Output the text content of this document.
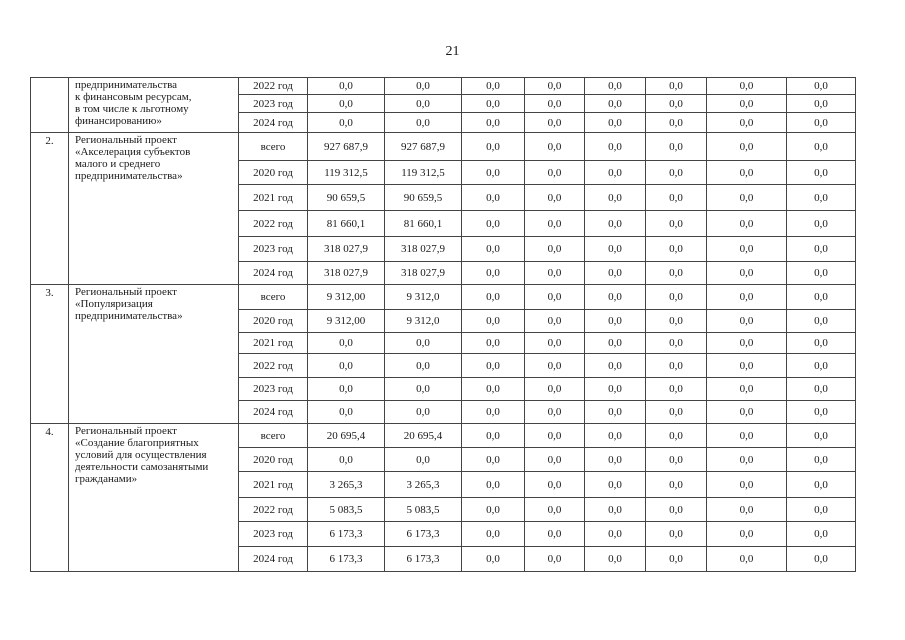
21

	предпринимательства
к финансовым ресурсам,
в том числе к льготному
финансированию»	2022 год	0,0	0,0	0,0	0,0	0,0	0,0	0,0	0,0
		2023 год	0,0	0,0	0,0	0,0	0,0	0,0	0,0	0,0
		2024 год	0,0	0,0	0,0	0,0	0,0	0,0	0,0	0,0
2.	Региональный проект
«Акселерация субъектов
малого и среднего
предпринимательства»	всего	927 687,9	927 687,9	0,0	0,0	0,0	0,0	0,0	0,0
		2020 год	119 312,5	119 312,5	0,0	0,0	0,0	0,0	0,0	0,0
		2021 год	90 659,5	90 659,5	0,0	0,0	0,0	0,0	0,0	0,0
		2022 год	81 660,1	81 660,1	0,0	0,0	0,0	0,0	0,0	0,0
		2023 год	318 027,9	318 027,9	0,0	0,0	0,0	0,0	0,0	0,0
		2024 год	318 027,9	318 027,9	0,0	0,0	0,0	0,0	0,0	0,0
3.	Региональный проект
«Популяризация
предпринимательства»	всего	9 312,00	9 312,0	0,0	0,0	0,0	0,0	0,0	0,0
		2020 год	9 312,00	9 312,0	0,0	0,0	0,0	0,0	0,0	0,0
		2021 год	0,0	0,0	0,0	0,0	0,0	0,0	0,0	0,0
		2022 год	0,0	0,0	0,0	0,0	0,0	0,0	0,0	0,0
		2023 год	0,0	0,0	0,0	0,0	0,0	0,0	0,0	0,0
		2024 год	0,0	0,0	0,0	0,0	0,0	0,0	0,0	0,0
4.	Региональный проект
«Создание благоприятных
условий для осуществления
деятельности самозанятыми
гражданами»	всего	20 695,4	20 695,4	0,0	0,0	0,0	0,0	0,0	0,0
		2020 год	0,0	0,0	0,0	0,0	0,0	0,0	0,0	0,0
		2021 год	3 265,3	3 265,3	0,0	0,0	0,0	0,0	0,0	0,0
		2022 год	5 083,5	5 083,5	0,0	0,0	0,0	0,0	0,0	0,0
		2023 год	6 173,3	6 173,3	0,0	0,0	0,0	0,0	0,0	0,0
		2024 год	6 173,3	6 173,3	0,0	0,0	0,0	0,0	0,0	0,0
